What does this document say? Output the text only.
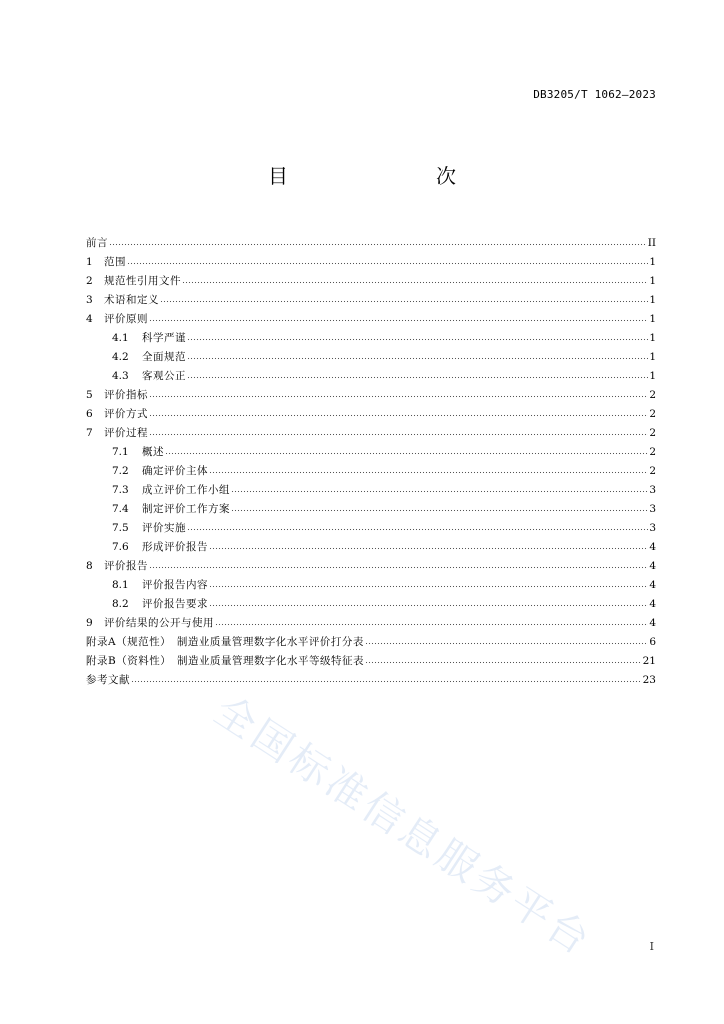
DB3205/T 1062—2023
目　　次
前言	II
1	范围	1
2	规范性引用文件	1
3	术语和定义	1
4	评价原则	1
4.1	科学严谨	1
4.2	全面规范	1
4.3	客观公正	1
5	评价指标	2
6	评价方式	2
7	评价过程	2
7.1	概述	2
7.2	确定评价主体	2
7.3	成立评价工作小组	3
7.4	制定评价工作方案	3
7.5	评价实施	3
7.6	形成评价报告	4
8	评价报告	4
8.1	评价报告内容	4
8.2	评价报告要求	4
9	评价结果的公开与使用	4
附录A（规范性）　制造业质量管理数字化水平评价打分表	6
附录B（资料性）　制造业质量管理数字化水平等级特征表	21
参考文献	23
全国标准信息服务平台	I
